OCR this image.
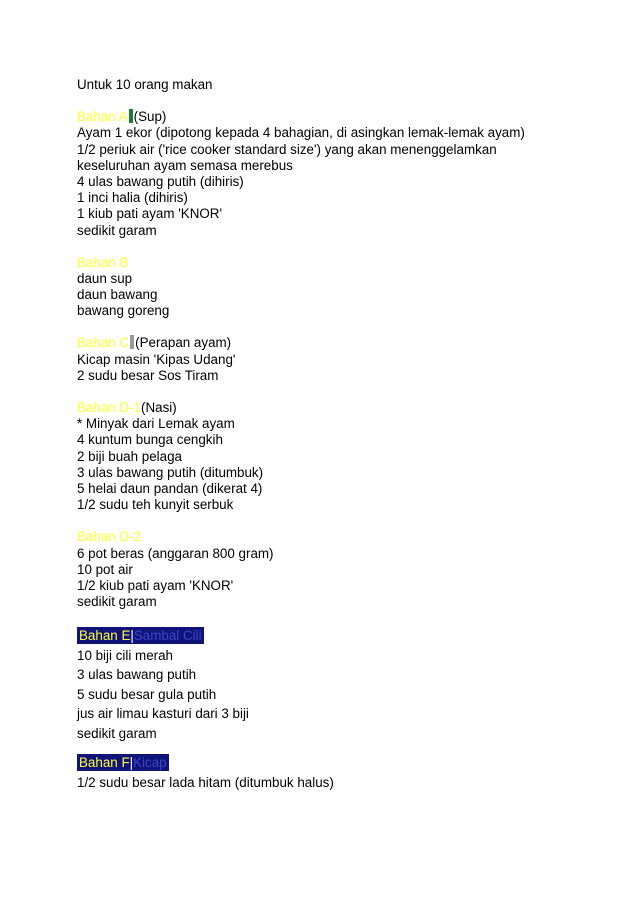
Untuk 10 orang makan
Bahan A (Sup)
Ayam 1 ekor (dipotong kepada 4 bahagian, di asingkan lemak-lemak ayam)
1/2 periuk air ('rice cooker standard size') yang akan menenggelamkan
keseluruhan ayam semasa merebus
4 ulas bawang putih (dihiris)
1 inci halia (dihiris)
1 kiub pati ayam 'KNOR'
sedikit garam
Bahan B
daun sup
daun bawang
bawang goreng
Bahan C (Perapan ayam)
Kicap masin 'Kipas Udang'
2 sudu besar Sos Tiram
Bahan D-1(Nasi)
* Minyak dari Lemak ayam
4 kuntum bunga cengkih
2 biji buah pelaga
3 ulas bawang putih (ditumbuk)
5 helai daun pandan (dikerat 4)
1/2 sudu teh kunyit serbuk
Bahan D-2
6 pot beras (anggaran 800 gram)
10 pot air
1/2 kiub pati ayam 'KNOR'
sedikit garam
Bahan E|Sambal Cili
10 biji cili merah
3 ulas bawang putih
5 sudu besar gula putih
jus air limau kasturi dari 3 biji
sedikit garam
Bahan F|Kicap
1/2 sudu besar lada hitam (ditumbuk halus)
